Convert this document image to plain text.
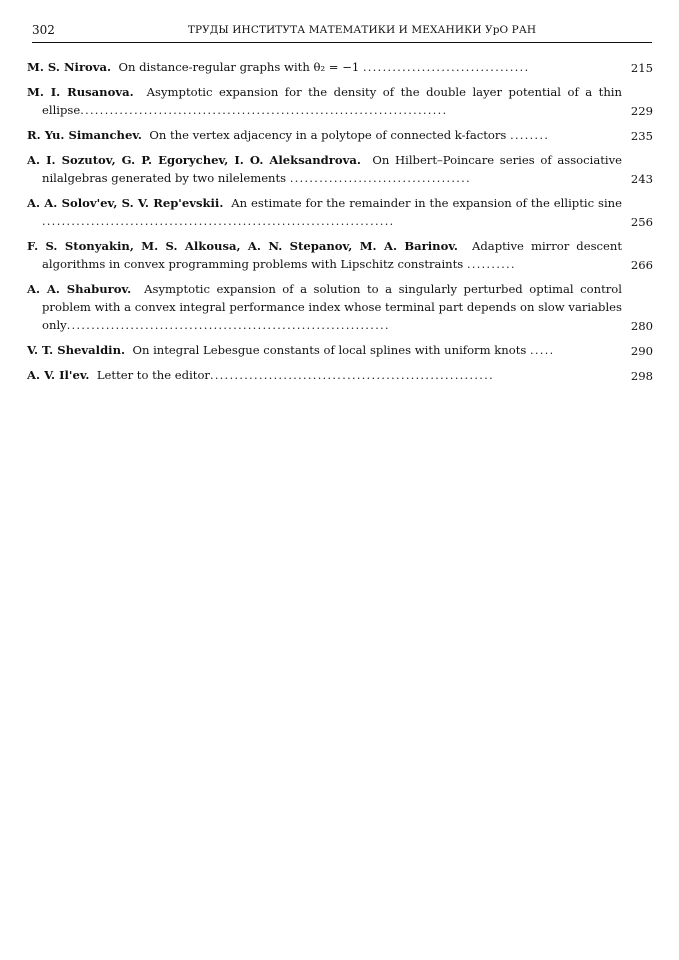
302	ТРУДЫ ИНСТИТУТА МАТЕМАТИКИ И МЕХАНИКИ УрО РАН
M. S. Nirova. On distance-regular graphs with θ₂ = −1 ..................................	215
M. I. Rusanova. Asymptotic expansion for the density of the double layer potential of a thin ellipse...........................................................................	229
R. Yu. Simanchev. On the vertex adjacency in a polytope of connected k-factors ........	235
A. I. Sozutov, G. P. Egorychev, I. O. Aleksandrova. On Hilbert–Poincare series of associative nilalgebras generated by two nilelements .....................................	243
A. A. Solov'ev, S. V. Rep'evskii. An estimate for the remainder in the expansion of the elliptic sine ........................................................................	256
F. S. Stonyakin, M. S. Alkousa, A. N. Stepanov, M. A. Barinov. Adaptive mirror descent algorithms in convex programming problems with Lipschitz constraints ..........	266
A. A. Shaburov. Asymptotic expansion of a solution to a singularly perturbed optimal control problem with a convex integral performance index whose terminal part depends on slow variables only..................................................................	280
V. T. Shevaldin. On integral Lebesgue constants of local splines with uniform knots .....	290
A. V. Il'ev. Letter to the editor..........................................................	298
